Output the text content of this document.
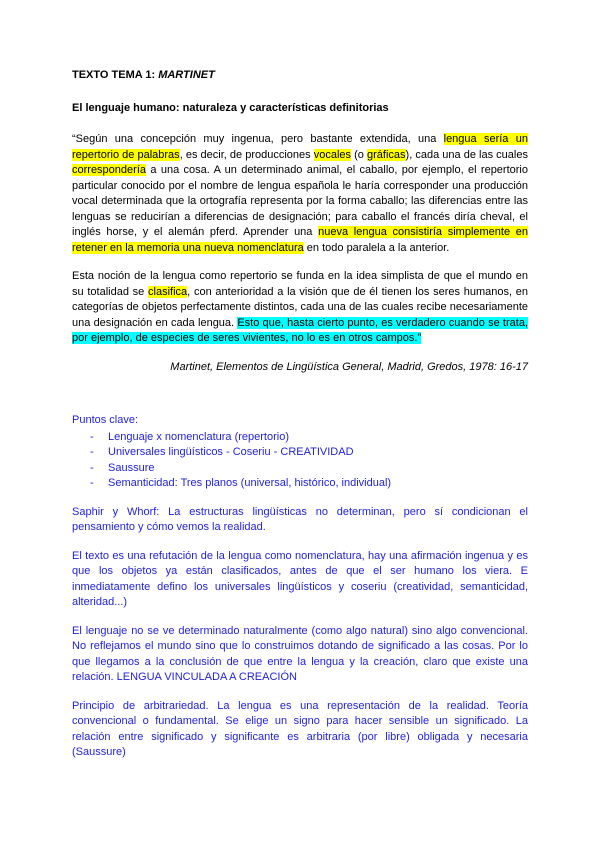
TEXTO TEMA 1: MARTINET

El lenguaje humano: naturaleza y características definitorias

“Según una concepción muy ingenua, pero bastante extendida, una lengua sería un repertorio de palabras, es decir, de producciones vocales (o gráficas), cada una de las cuales correspondería a una cosa. A un determinado animal, el caballo, por ejemplo, el repertorio particular conocido por el nombre de lengua española le haría corresponder una producción vocal determinada que la ortografía representa por la forma caballo; las diferencias entre las lenguas se reducirían a diferencias de designación; para caballo el francés diría cheval, el inglés horse, y el alemán pferd. Aprender una nueva lengua consistiría simplemente en retener en la memoria una nueva nomenclatura en todo paralela a la anterior.

Esta noción de la lengua como repertorio se funda en la idea simplista de que el mundo en su totalidad se clasifica, con anterioridad a la visión que de él tienen los seres humanos, en categorías de objetos perfectamente distintos, cada una de las cuales recibe necesariamente una designación en cada lengua. Esto que, hasta cierto punto, es verdadero cuando se trata, por ejemplo, de especies de seres vivientes, no lo es en otros campos.”

Martinet, Elementos de Lingüística General, Madrid, Gredos, 1978: 16-17

Puntos clave:

- Lenguaje x nomenclatura (repertorio)
- Universales lingüísticos - Coseriu - CREATIVIDAD
- Saussure
- Semanticidad: Tres planos (universal, histórico, individual)

Saphir y Whorf: La estructuras lingüísticas no determinan, pero sí condicionan el pensamiento y cómo vemos la realidad.

El texto es una refutación de la lengua como nomenclatura, hay una afirmación ingenua y es que los objetos ya están clasificados, antes de que el ser humano los viera. E inmediatamente defino los universales lingüísticos y coseriu (creatividad, semanticidad, alteridad...)

El lenguaje no se ve determinado naturalmente (como algo natural) sino algo convencional. No reflejamos el mundo sino que lo construimos dotando de significado a las cosas. Por lo que llegamos a la conclusión de que entre la lengua y la creación, claro que existe una relación. LENGUA VINCULADA A CREACIÓN

Principio de arbitrariedad. La lengua es una representación de la realidad. Teoría convencional o fundamental. Se elige un signo para hacer sensible un significado. La relación entre significado y significante es arbitraria (por libre) obligada y necesaria (Saussure)
